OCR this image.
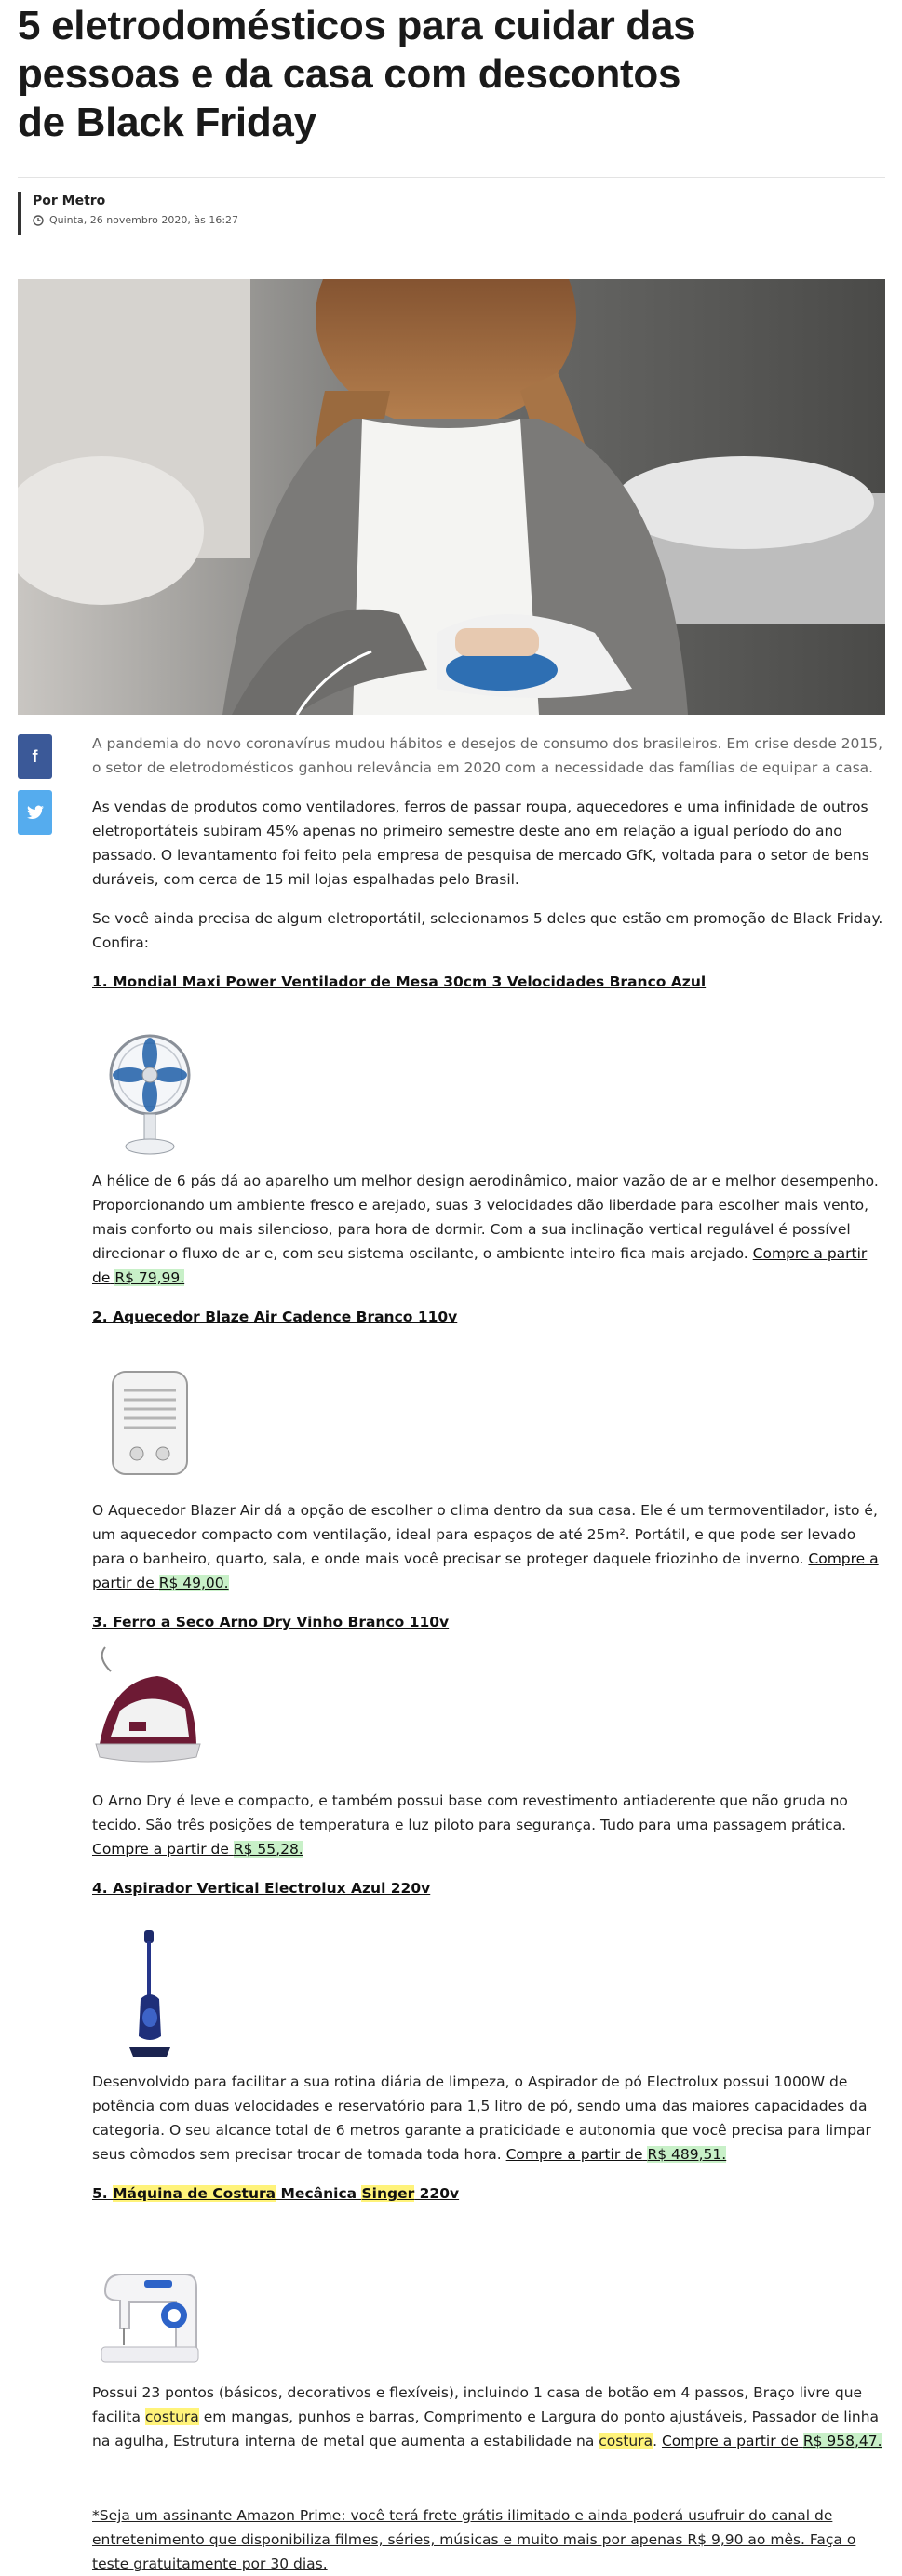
5 eletrodomésticos para cuidar das pessoas e da casa com descontos de Black Friday
Por Metro
Quinta, 26 novembro 2020, às 16:27
f

A pandemia do novo coronavírus mudou hábitos e desejos de consumo dos brasileiros. Em crise desde 2015, o setor de eletrodomésticos ganhou relevância em 2020 com a necessidade das famílias de equipar a casa.

As vendas de produtos como ventiladores, ferros de passar roupa, aquecedores e uma infinidade de outros eletroportáteis subiram 45% apenas no primeiro semestre deste ano em relação a igual período do ano passado. O levantamento foi feito pela empresa de pesquisa de mercado GfK, voltada para o setor de bens duráveis, com cerca de 15 mil lojas espalhadas pelo Brasil.

Se você ainda precisa de algum eletroportátil, selecionamos 5 deles que estão em promoção de Black Friday. Confira:

1. Mondial Maxi Power Ventilador de Mesa 30cm 3 Velocidades Branco Azul

A hélice de 6 pás dá ao aparelho um melhor design aerodinâmico, maior vazão de ar e melhor desempenho. Proporcionando um ambiente fresco e arejado, suas 3 velocidades dão liberdade para escolher mais vento, mais conforto ou mais silencioso, para hora de dormir. Com a sua inclinação vertical regulável é possível direcionar o fluxo de ar e, com seu sistema oscilante, o ambiente inteiro fica mais arejado. Compre a partir de R$ 79,99.

2. Aquecedor Blaze Air Cadence Branco 110v

O Aquecedor Blazer Air dá a opção de escolher o clima dentro da sua casa. Ele é um termoventilador, isto é, um aquecedor compacto com ventilação, ideal para espaços de até 25m². Portátil, e que pode ser levado para o banheiro, quarto, sala, e onde mais você precisar se proteger daquele friozinho de inverno. Compre a partir de R$ 49,00.

3. Ferro a Seco Arno Dry Vinho Branco 110v

O Arno Dry é leve e compacto, e também possui base com revestimento antiaderente que não gruda no tecido. São três posições de temperatura e luz piloto para segurança. Tudo para uma passagem prática. Compre a partir de R$ 55,28.

4. Aspirador Vertical Electrolux Azul 220v

Desenvolvido para facilitar a sua rotina diária de limpeza, o Aspirador de pó Electrolux possui 1000W de potência com duas velocidades e reservatório para 1,5 litro de pó, sendo uma das maiores capacidades da categoria. O seu alcance total de 6 metros garante a praticidade e autonomia que você precisa para limpar seus cômodos sem precisar trocar de tomada toda hora. Compre a partir de R$ 489,51.

5. Máquina de Costura Mecânica Singer 220v

Possui 23 pontos (básicos, decorativos e flexíveis), incluindo 1 casa de botão em 4 passos, Braço livre que facilita costura em mangas, punhos e barras, Comprimento e Largura do ponto ajustáveis, Passador de linha na agulha, Estrutura interna de metal que aumenta a estabilidade na costura. Compre a partir de R$ 958,47.

*Seja um assinante Amazon Prime: você terá frete grátis ilimitado e ainda poderá usufruir do canal de entretenimento que disponibiliza filmes, séries, músicas e muito mais por apenas R$ 9,90 ao mês. Faça o teste gratuitamente por 30 dias.
